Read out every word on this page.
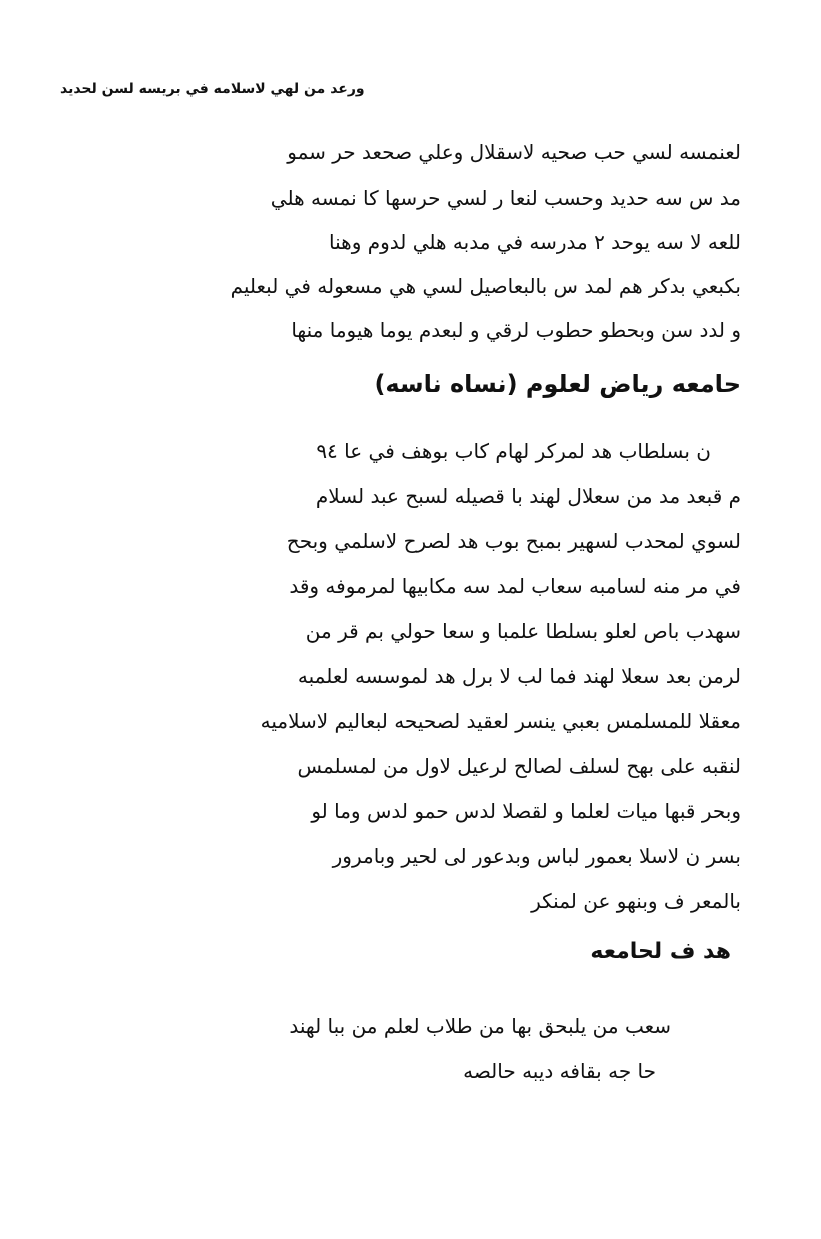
ورعد من لهي لاسلامه في بريسه لسن لحديد
لعنمسه لسي حب صحيه لاسقلال وعلي صحعد حر سمو
مد س سه حديد وحسب لنعا ر لسي حرسها كا نمسه هلي
للعه لا سه يوحد ٢ مدرسه في مدبه هلي لدوم وهنا
بكبعي بدكر هم لمد س بالبعاصيل لسي هي مسعوله في لبعليم
و لدد سن وبحطو حطوب لرقي و لبعدم يوما هيوما منها
حامعه رياض لعلوم (نساه ناسه)
ن بسلطاب هد لمركر لهام كاب بوهف في عا ٩٤
م قبعد مد من سعلال لهند با قصيله لسبح عبد لسلام
لسوي لمحدب لسهير بمبح بوب هد لصرح لاسلمي وبحح
في مر منه لسامبه سعاب لمد سه مكابيها لمرموفه وقد
سهدب باص لعلو بسلطا علمبا و سعا حولي بم قر من
لرمن بعد سعلا لهند فما لب لا برل هد لموسسه لعلمبه
معقلا للمسلمس بعبي ينسر لعقيد لصحيحه لبعاليم لاسلاميه
لنقبه على بهح لسلف لصالح لرعيل لاول من لمسلمس
وبحر قبها ميات لعلما و لقصلا لدس حمو لدس وما لو
بسر ن لاسلا بعمور لباس وبدعور لى لحير وبامرور
بالمعر ف وبنهو عن لمنكر
هد ف لحامعه
سعب من يلبحق بها من طلاب لعلم من ببا لهند
حا جه بقافه ديبه حالصه
